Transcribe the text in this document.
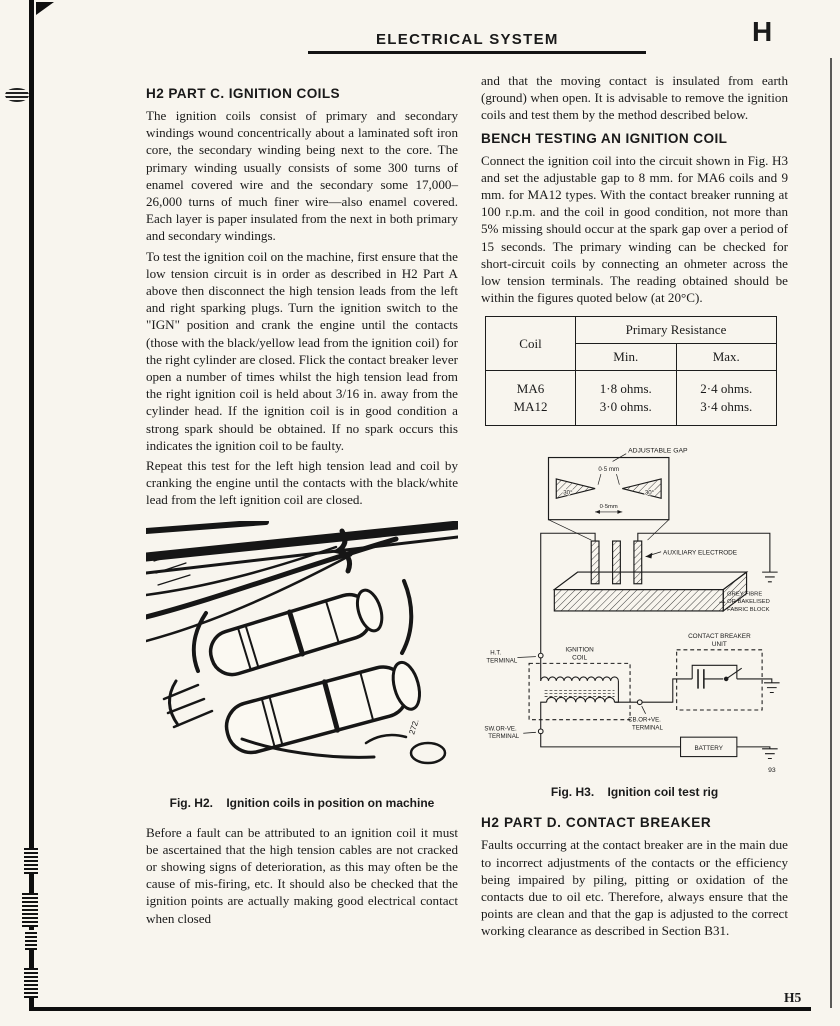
ELECTRICAL SYSTEM	H
H2 PART C. IGNITION COILS

The ignition coils consist of primary and secondary windings wound concentrically about a laminated soft iron core, the secondary winding being next to the core. The primary winding usually consists of some 300 turns of enamel covered wire and the secondary some 17,000–26,000 turns of much finer wire—also enamel covered. Each layer is paper insulated from the next in both primary and secondary windings.

To test the ignition coil on the machine, first ensure that the low tension circuit is in order as described in H2 Part A above then disconnect the high tension leads from the left and right sparking plugs. Turn the ignition switch to the "IGN" position and crank the engine until the contacts (those with the black/yellow lead from the ignition coil) for the right cylinder are closed. Flick the contact breaker lever open a number of times whilst the high tension lead from the right ignition coil is held about 3/16 in. away from the cylinder head. If the ignition coil is in good condition a strong spark should be obtained. If no spark occurs this indicates the ignition coil to be faulty.

Repeat this test for the left high tension lead and coil by cranking the engine until the contacts with the black/white lead from the left ignition coil are closed.

272.
Fig. H2. Ignition coils in position on machine

Before a fault can be attributed to an ignition coil it must be ascertained that the high tension cables are not cracked or showing signs of deterioration, as this may often be the cause of mis-firing, etc. It should also be checked that the ignition points are actually making good electrical contact when closed

and that the moving contact is insulated from earth (ground) when open. It is advisable to remove the ignition coils and test them by the method described below.

BENCH TESTING AN IGNITION COIL

Connect the ignition coil into the circuit shown in Fig. H3 and set the adjustable gap to 8 mm. for MA6 coils and 9 mm. for MA12 types. With the contact breaker running at 100 r.p.m. and the coil in good condition, not more than 5% missing should occur at the spark gap over a period of 15 seconds. The primary winding can be checked for short-circuit coils by connecting an ohmeter across the low tension terminals. The reading obtained should be within the figures quoted below (at 20°C).

Coil	Primary Resistance	
	Min.	Max.
MA6	1·8 ohms.	2·4 ohms.
MA12	3·0 ohms.	3·4 ohms.
ADJUSTABLE GAP
0·5 mm
30°	30°
0·5mm
AUXILIARY ELECTRODE
GREY FIBRE
OR BAKELISED
FABRIC BLOCK
IGNITION
COIL
H.T.
TERMINAL
SW.OR-VE.
TERMINAL
CB.OR+VE.
TERMINAL
CONTACT BREAKER
UNIT
BATTERY
93
Fig. H3. Ignition coil test rig
H2 PART D. CONTACT BREAKER

Faults occurring at the contact breaker are in the main due to incorrect adjustments of the contacts or the efficiency being impaired by piling, pitting or oxidation of the contacts due to oil etc. Therefore, always ensure that the points are clean and that the gap is adjusted to the correct working clearance as described in Section B31.

H5
